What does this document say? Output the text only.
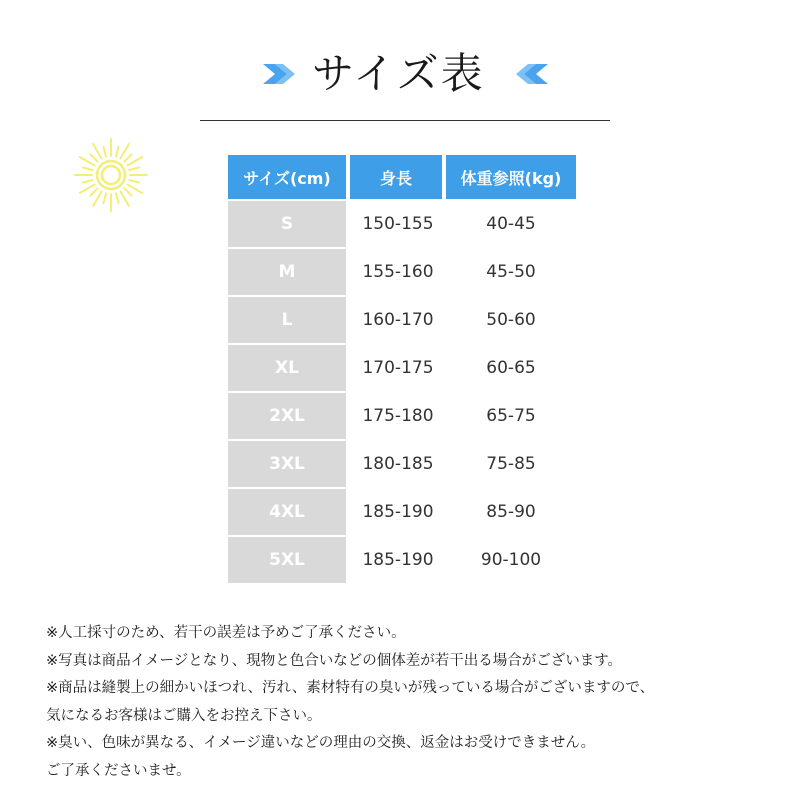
サイズ表
サイズ(cm)	身長	体重参照(kg)
S	150-155	40-45
M	155-160	45-50
L	160-170	50-60
XL	170-175	60-65
2XL	175-180	65-75
3XL	180-185	75-85
4XL	185-190	85-90
5XL	185-190	90-100
※人工採寸のため、若干の誤差は予めご了承ください。
※写真は商品イメージとなり、現物と色合いなどの個体差が若干出る場合がございます。
※商品は縫製上の細かいほつれ、汚れ、素材特有の臭いが残っている場合がございますので、
気になるお客様はご購入をお控え下さい。
※臭い、色味が異なる、イメージ違いなどの理由の交換、返金はお受けできません。
ご了承くださいませ。
